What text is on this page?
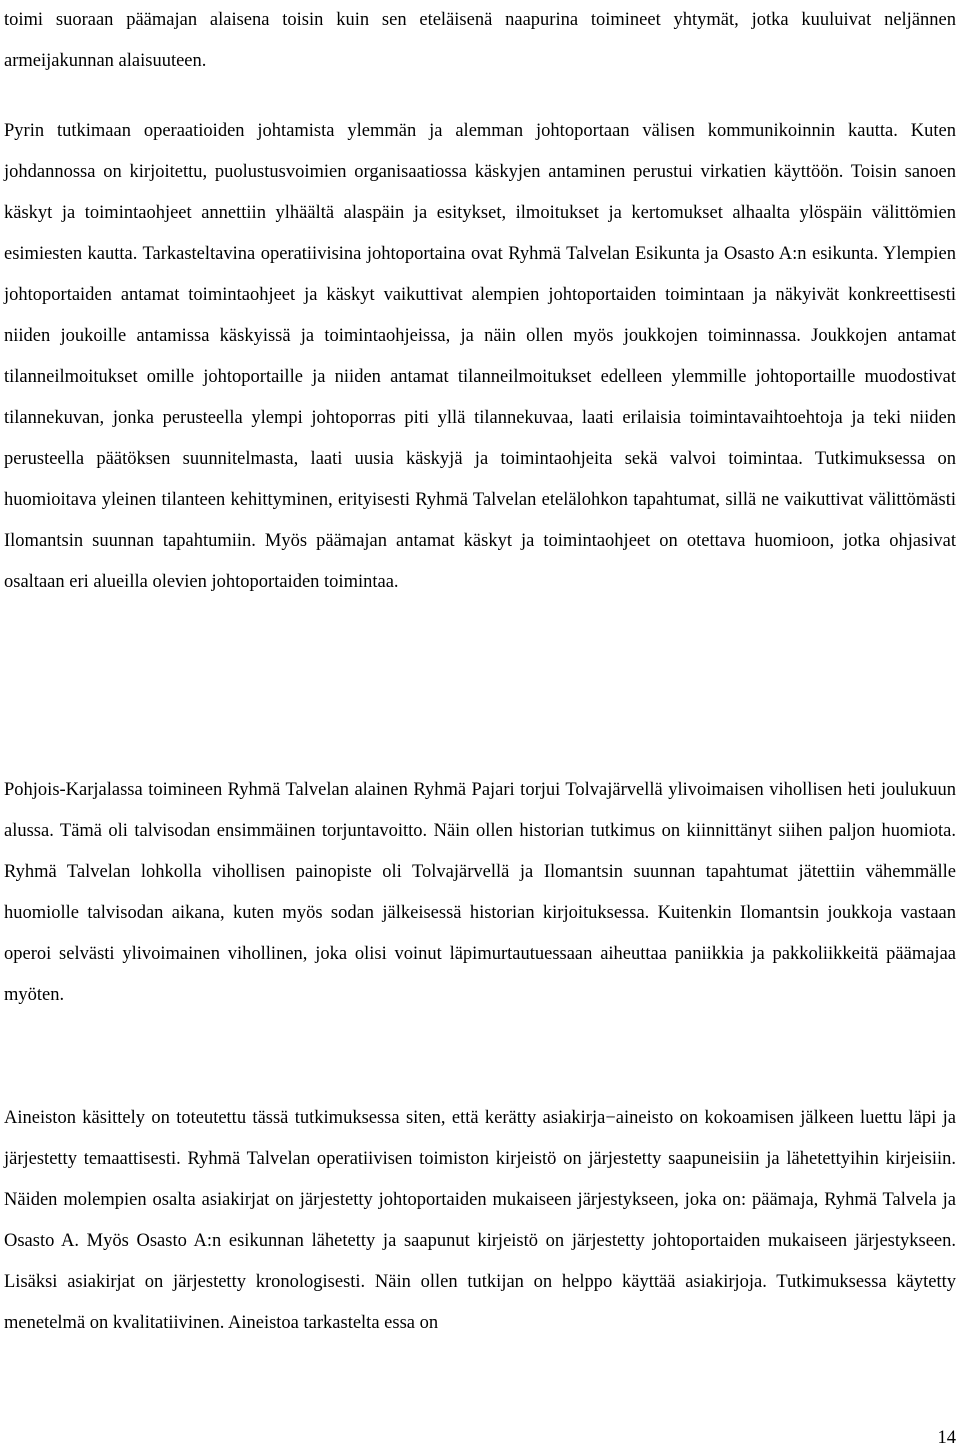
toimi suoraan päämajan alaisena toisin kuin sen eteläisenä naapurina toimineet yhtymät, jotka kuuluivat neljännen armeijakunnan alaisuuteen.

Pyrin tutkimaan operaatioiden johtamista ylemmän ja alemman johtoportaan välisen kommunikoinnin kautta. Kuten johdannossa on kirjoitettu, puolustusvoimien organisaatiossa käskyjen antaminen perustui virkatien käyttöön. Toisin sanoen käskyt ja toimintaohjeet annettiin ylhäältä alaspäin ja esitykset, ilmoitukset ja kertomukset alhaalta ylöspäin välittömien esimiesten kautta. Tarkasteltavina operatiivisina johtoportaina ovat Ryhmä Talvelan Esikunta ja Osasto A:n esikunta. Ylempien johtoportaiden antamat toimintaohjeet ja käskyt vaikuttivat alempien johtoportaiden toimintaan ja näkyivät konkreettisesti niiden joukoille antamissa käskyissä ja toimintaohjeissa, ja näin ollen myös joukkojen toiminnassa. Joukkojen antamat tilanneilmoitukset omille johtoportaille ja niiden antamat tilanneilmoitukset edelleen ylemmille johtoportaille muodostivat tilannekuvan, jonka perusteella ylempi johtoporras piti yllä tilannekuvaa, laati erilaisia toimintavaihtoehtoja ja teki niiden perusteella päätöksen suunnitelmasta, laati uusia käskyjä ja toimintaohjeita sekä valvoi toimintaa. Tutkimuksessa on huomioitava yleinen tilanteen kehittyminen, erityisesti Ryhmä Talvelan etelälohkon tapahtumat, sillä ne vaikuttivat välittömästi Ilomantsin suunnan tapahtumiin. Myös päämajan antamat käskyt ja toimintaohjeet on otettava huomioon, jotka ohjasivat osaltaan eri alueilla olevien johtoportaiden toimintaa.

Pohjois-Karjalassa toimineen Ryhmä Talvelan alainen Ryhmä Pajari torjui Tolvajärvellä ylivoimaisen vihollisen heti joulukuun alussa. Tämä oli talvisodan ensimmäinen torjuntavoitto. Näin ollen historian tutkimus on kiinnittänyt siihen paljon huomiota. Ryhmä Talvelan lohkolla vihollisen painopiste oli Tolvajärvellä ja Ilomantsin suunnan tapahtumat jätettiin vähemmälle huomiolle talvisodan aikana, kuten myös sodan jälkeisessä historian kirjoituksessa. Kuitenkin Ilomantsin joukkoja vastaan operoi selvästi ylivoimainen vihollinen, joka olisi voinut läpimurtautuessaan aiheuttaa paniikkia ja pakkoliikkeitä päämajaa myöten.

Aineiston käsittely on toteutettu tässä tutkimuksessa siten, että kerätty asiakirja−aineisto on kokoamisen jälkeen luettu läpi ja järjestetty temaattisesti. Ryhmä Talvelan operatiivisen toimiston kirjeistö on järjestetty saapuneisiin ja lähetettyihin kirjeisiin. Näiden molempien osalta asiakirjat on järjestetty johtoportaiden mukaiseen järjestykseen, joka on: päämaja, Ryhmä Talvela ja Osasto A. Myös Osasto A:n esikunnan lähetetty ja saapunut kirjeistö on järjestetty johtoportaiden mukaiseen järjestykseen. Lisäksi asiakirjat on järjestetty kronologisesti. Näin ollen tutkijan on helppo käyttää asiakirjoja. Tutkimuksessa käytetty menetelmä on kvalitatiivinen. Aineistoa tarkastelta essa on

14
